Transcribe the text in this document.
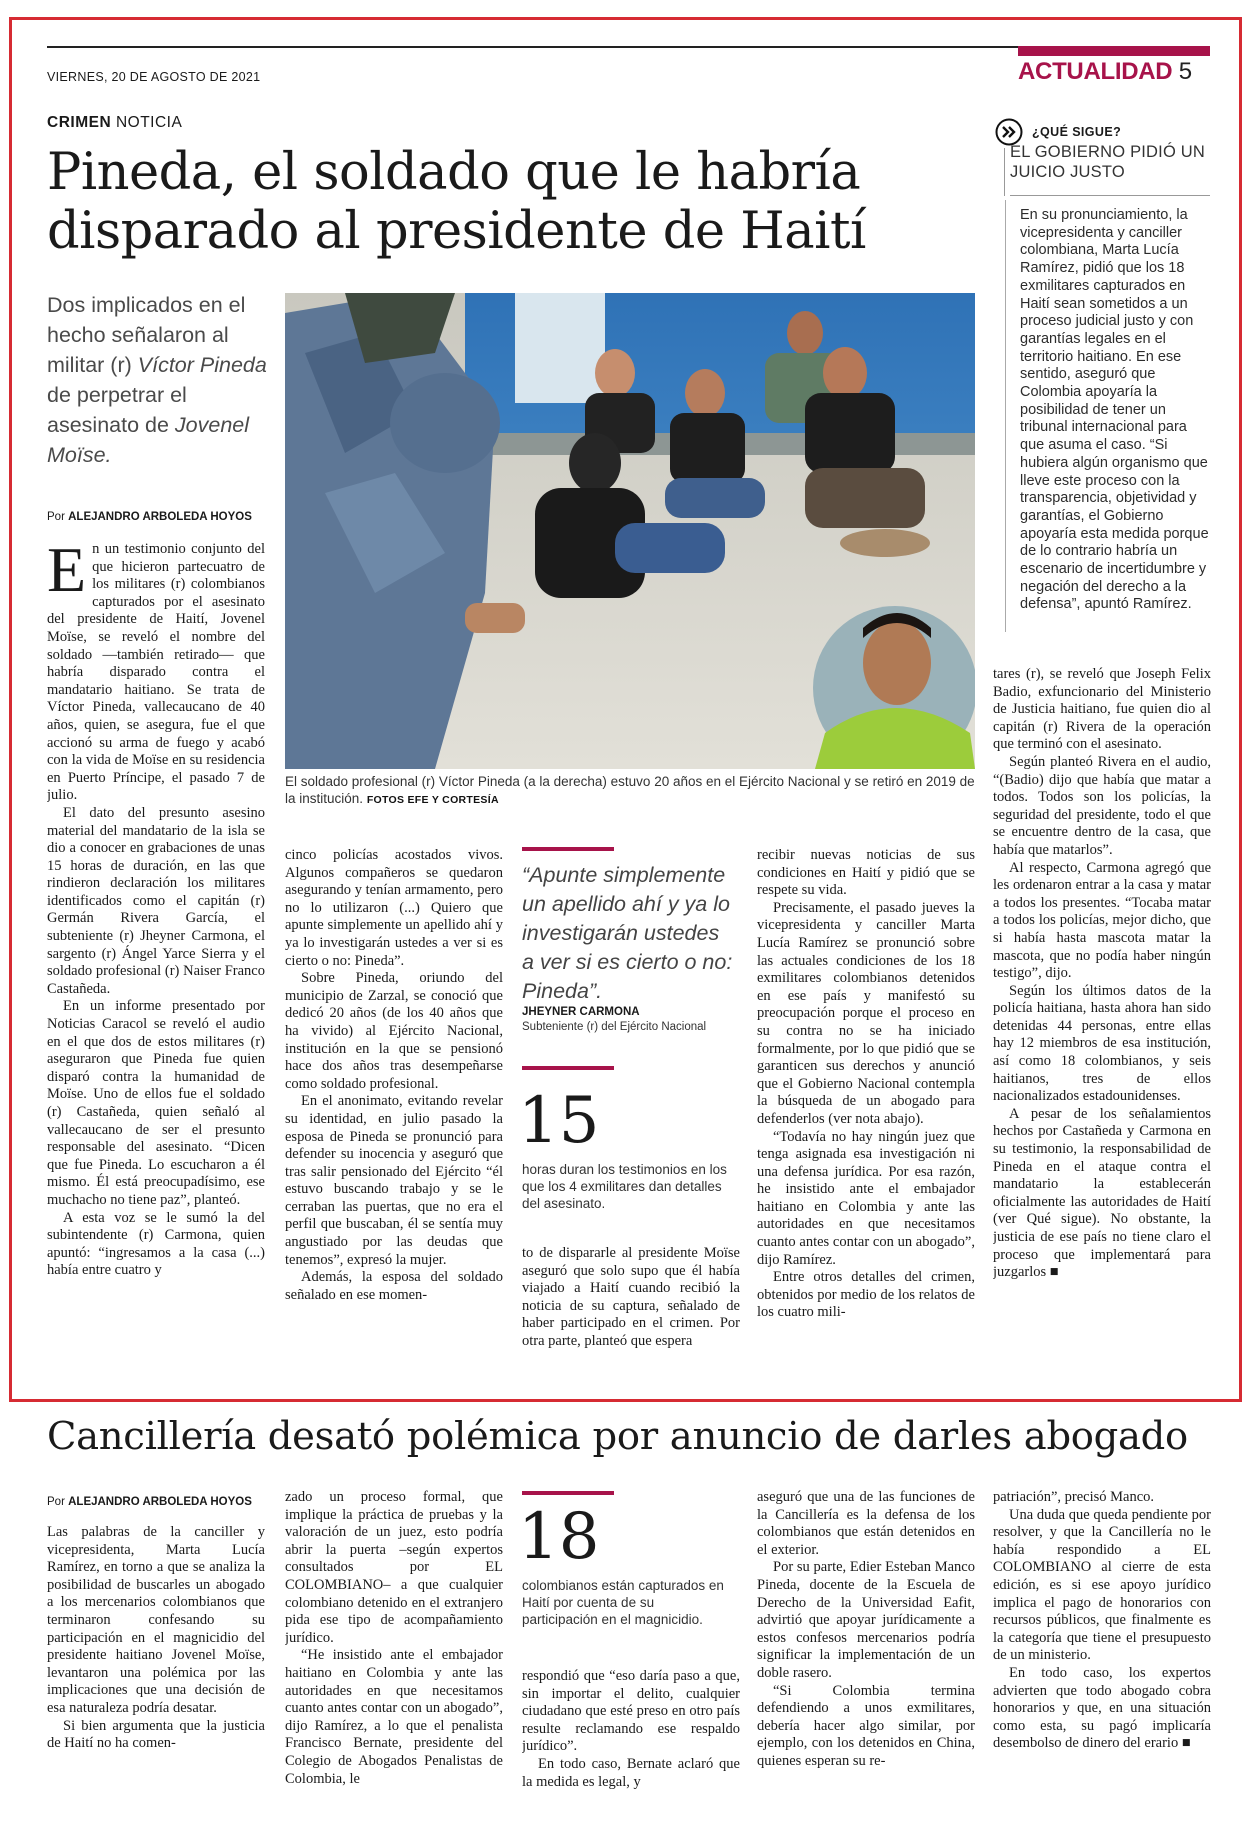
VIERNES, 20 DE AGOSTO DE 2021	ACTUALIDAD 5
CRIMEN NOTICIA
Pineda, el soldado que le habría disparado al presidente de Haití
Dos implicados en el hecho señalaron al militar (r) Víctor Pineda de perpetrar el asesinato de Jovenel Moïse.
Por ALEJANDRO ARBOLEDA HOYOS
El soldado profesional (r) Víctor Pineda (a la derecha) estuvo 20 años en el Ejército Nacional y se retiró en 2019 de la institución. FOTOS EFE Y CORTESÍA
¿QUÉ SIGUE?
EL GOBIERNO PIDIÓ UN JUICIO JUSTO
En su pronunciamiento, la vicepresidenta y canciller colombiana, Marta Lucía Ramírez, pidió que los 18 exmilitares capturados en Haití sean sometidos a un proceso judicial justo y con garantías legales en el territorio haitiano. En ese sentido, aseguró que Colombia apoyaría la posibilidad de tener un tribunal internacional para que asuma el caso. “Si hubiera algún organismo que lleve este proceso con la transparencia, objetividad y garantías, el Gobierno apoyaría esta medida porque de lo contrario habría un escenario de incertidumbre y negación del derecho a la defensa”, apuntó Ramírez.

En un testimonio conjunto del que hicieron partecuatro de los militares (r) colombianos capturados por el asesinato del presidente de Haití, Jovenel Moïse, se reveló el nombre del soldado —también retirado— que habría disparado contra el mandatario haitiano. Se trata de Víctor Pineda, vallecaucano de 40 años, quien, se asegura, fue el que accionó su arma de fuego y acabó con la vida de Moïse en su residencia en Puerto Príncipe, el pasado 7 de julio.

El dato del presunto asesino material del mandatario de la isla se dio a conocer en grabaciones de unas 15 horas de duración, en las que rindieron declaración los militares identificados como el capitán (r) Germán Rivera García, el subteniente (r) Jheyner Carmona, el sargento (r) Ángel Yarce Sierra y el soldado profesional (r) Naiser Franco Castañeda.

En un informe presentado por Noticias Caracol se reveló el audio en el que dos de estos militares (r) aseguraron que Pineda fue quien disparó contra la humanidad de Moïse. Uno de ellos fue el soldado (r) Castañeda, quien señaló al vallecaucano de ser el presunto responsable del asesinato. “Dicen que fue Pineda. Lo escucharon a él mismo. Él está preocupadísimo, ese muchacho no tiene paz”, planteó.

A esta voz se le sumó la del subintendente (r) Carmona, quien apuntó: “ingresamos a la casa (...) había entre cuatro y

cinco policías acostados vivos. Algunos compañeros se quedaron asegurando y tenían armamento, pero no lo utilizaron (...) Quiero que apunte simplemente un apellido ahí y ya lo investigarán ustedes a ver si es cierto o no: Pineda”.

Sobre Pineda, oriundo del municipio de Zarzal, se conoció que dedicó 20 años (de los 40 años que ha vivido) al Ejército Nacional, institución en la que se pensionó hace dos años tras desempeñarse como soldado profesional.

En el anonimato, evitando revelar su identidad, en julio pasado la esposa de Pineda se pronunció para defender su inocencia y aseguró que tras salir pensionado del Ejército “él estuvo buscando trabajo y se le cerraban las puertas, que no era el perfil que buscaban, él se sentía muy angustiado por las deudas que tenemos”, expresó la mujer.

Además, la esposa del soldado señalado en ese momen-

“Apunte simplemente un apellido ahí y ya lo investigarán ustedes a ver si es cierto o no: Pineda”.
JHEYNER CARMONA
Subteniente (r) del Ejército Nacional
15
horas duran los testimonios en los que los 4 exmilitares dan detalles del asesinato.

to de dispararle al presidente Moïse aseguró que solo supo que él había viajado a Haití cuando recibió la noticia de su captura, señalado de haber participado en el crimen. Por otra parte, planteó que espera

recibir nuevas noticias de sus condiciones en Haití y pidió que se respete su vida.

Precisamente, el pasado jueves la vicepresidenta y canciller Marta Lucía Ramírez se pronunció sobre las actuales condiciones de los 18 exmilitares colombianos detenidos en ese país y manifestó su preocupación porque el proceso en su contra no se ha iniciado formalmente, por lo que pidió que se garanticen sus derechos y anunció que el Gobierno Nacional contempla la búsqueda de un abogado para defenderlos (ver nota abajo).

“Todavía no hay ningún juez que tenga asignada esa investigación ni una defensa jurídica. Por esa razón, he insistido ante el embajador haitiano en Colombia y ante las autoridades en que necesitamos cuanto antes contar con un abogado”, dijo Ramírez.

Entre otros detalles del crimen, obtenidos por medio de los relatos de los cuatro mili-

tares (r), se reveló que Joseph Felix Badio, exfuncionario del Ministerio de Justicia haitiano, fue quien dio al capitán (r) Rivera de la operación que terminó con el asesinato.

Según planteó Rivera en el audio, “(Badio) dijo que había que matar a todos. Todos son los policías, la seguridad del presidente, todo el que se encuentre dentro de la casa, que había que matarlos”.

Al respecto, Carmona agregó que les ordenaron entrar a la casa y matar a todos los presentes. “Tocaba matar a todos los policías, mejor dicho, que si había hasta mascota matar la mascota, que no podía haber ningún testigo”, dijo.

Según los últimos datos de la policía haitiana, hasta ahora han sido detenidas 44 personas, entre ellas hay 12 miembros de esa institución, así como 18 colombianos, y seis haitianos, tres de ellos nacionalizados estadounidenses.

A pesar de los señalamientos hechos por Castañeda y Carmona en su testimonio, la responsabilidad de Pineda en el ataque contra el mandatario la establecerán oficialmente las autoridades de Haití (ver Qué sigue). No obstante, la justicia de ese país no tiene claro el proceso que implementará para juzgarlos ■

Cancillería desató polémica por anuncio de darles abogado
Por ALEJANDRO ARBOLEDA HOYOS

Las palabras de la canciller y vicepresidenta, Marta Lucía Ramírez, en torno a que se analiza la posibilidad de buscarles un abogado a los mercenarios colombianos que terminaron confesando su participación en el magnicidio del presidente haitiano Jovenel Moïse, levantaron una polémica por las implicaciones que una decisión de esa naturaleza podría desatar.

Si bien argumenta que la justicia de Haití no ha comen-

zado un proceso formal, que implique la práctica de pruebas y la valoración de un juez, esto podría abrir la puerta –según expertos consultados por EL COLOMBIANO– a que cualquier colombiano detenido en el extranjero pida ese tipo de acompañamiento jurídico.

“He insistido ante el embajador haitiano en Colombia y ante las autoridades en que necesitamos cuanto antes contar con un abogado”, dijo Ramírez, a lo que el penalista Francisco Bernate, presidente del Colegio de Abogados Penalistas de Colombia, le

18
colombianos están capturados en Haití por cuenta de su participación en el magnicidio.

respondió que “eso daría paso a que, sin importar el delito, cualquier ciudadano que esté preso en otro país resulte reclamando ese respaldo jurídico”.

En todo caso, Bernate aclaró que la medida es legal, y

aseguró que una de las funciones de la Cancillería es la defensa de los colombianos que están detenidos en el exterior.

Por su parte, Edier Esteban Manco Pineda, docente de la Escuela de Derecho de la Universidad Eafit, advirtió que apoyar jurídicamente a estos confesos mercenarios podría significar la implementación de un doble rasero.

“Si Colombia termina defendiendo a unos exmilitares, debería hacer algo similar, por ejemplo, con los detenidos en China, quienes esperan su re-

patriación”, precisó Manco.

Una duda que queda pendiente por resolver, y que la Cancillería no le había respondido a EL COLOMBIANO al cierre de esta edición, es si ese apoyo jurídico implica el pago de honorarios con recursos públicos, que finalmente es la categoría que tiene el presupuesto de un ministerio.

En todo caso, los expertos advierten que todo abogado cobra honorarios y que, en una situación como esta, su pagó implicaría desembolso de dinero del erario ■
